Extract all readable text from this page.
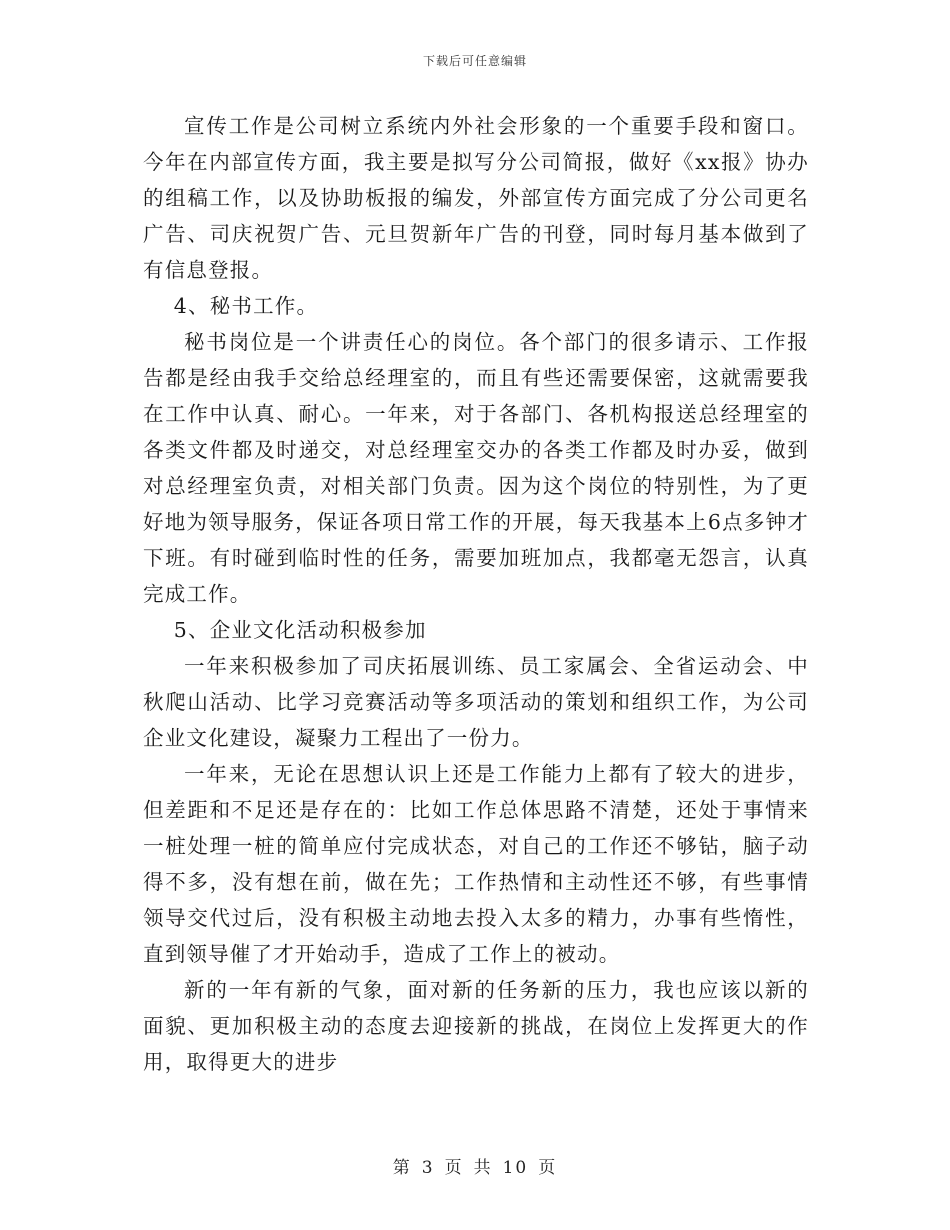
下载后可任意编辑

宣传工作是公司树立系统内外社会形象的一个重要手段和窗口。今年在内部宣传方面，我主要是拟写分公司简报，做好《xx报》协办的组稿工作，以及协助板报的编发，外部宣传方面完成了分公司更名广告、司庆祝贺广告、元旦贺新年广告的刊登，同时每月基本做到了有信息登报。

4、秘书工作。

秘书岗位是一个讲责任心的岗位。各个部门的很多请示、工作报告都是经由我手交给总经理室的，而且有些还需要保密，这就需要我在工作中认真、耐心。一年来，对于各部门、各机构报送总经理室的各类文件都及时递交，对总经理室交办的各类工作都及时办妥，做到对总经理室负责，对相关部门负责。因为这个岗位的特别性，为了更好地为领导服务，保证各项日常工作的开展，每天我基本上6点多钟才下班。有时碰到临时性的任务，需要加班加点，我都毫无怨言，认真完成工作。

5、企业文化活动积极参加

一年来积极参加了司庆拓展训练、员工家属会、全省运动会、中秋爬山活动、比学习竞赛活动等多项活动的策划和组织工作，为公司企业文化建设，凝聚力工程出了一份力。

一年来，无论在思想认识上还是工作能力上都有了较大的进步，但差距和不足还是存在的：比如工作总体思路不清楚，还处于事情来一桩处理一桩的简单应付完成状态，对自己的工作还不够钻，脑子动得不多，没有想在前，做在先；工作热情和主动性还不够，有些事情领导交代过后，没有积极主动地去投入太多的精力，办事有些惰性，直到领导催了才开始动手，造成了工作上的被动。

新的一年有新的气象，面对新的任务新的压力，我也应该以新的面貌、更加积极主动的态度去迎接新的挑战，在岗位上发挥更大的作用，取得更大的进步

第 3 页 共 10 页
